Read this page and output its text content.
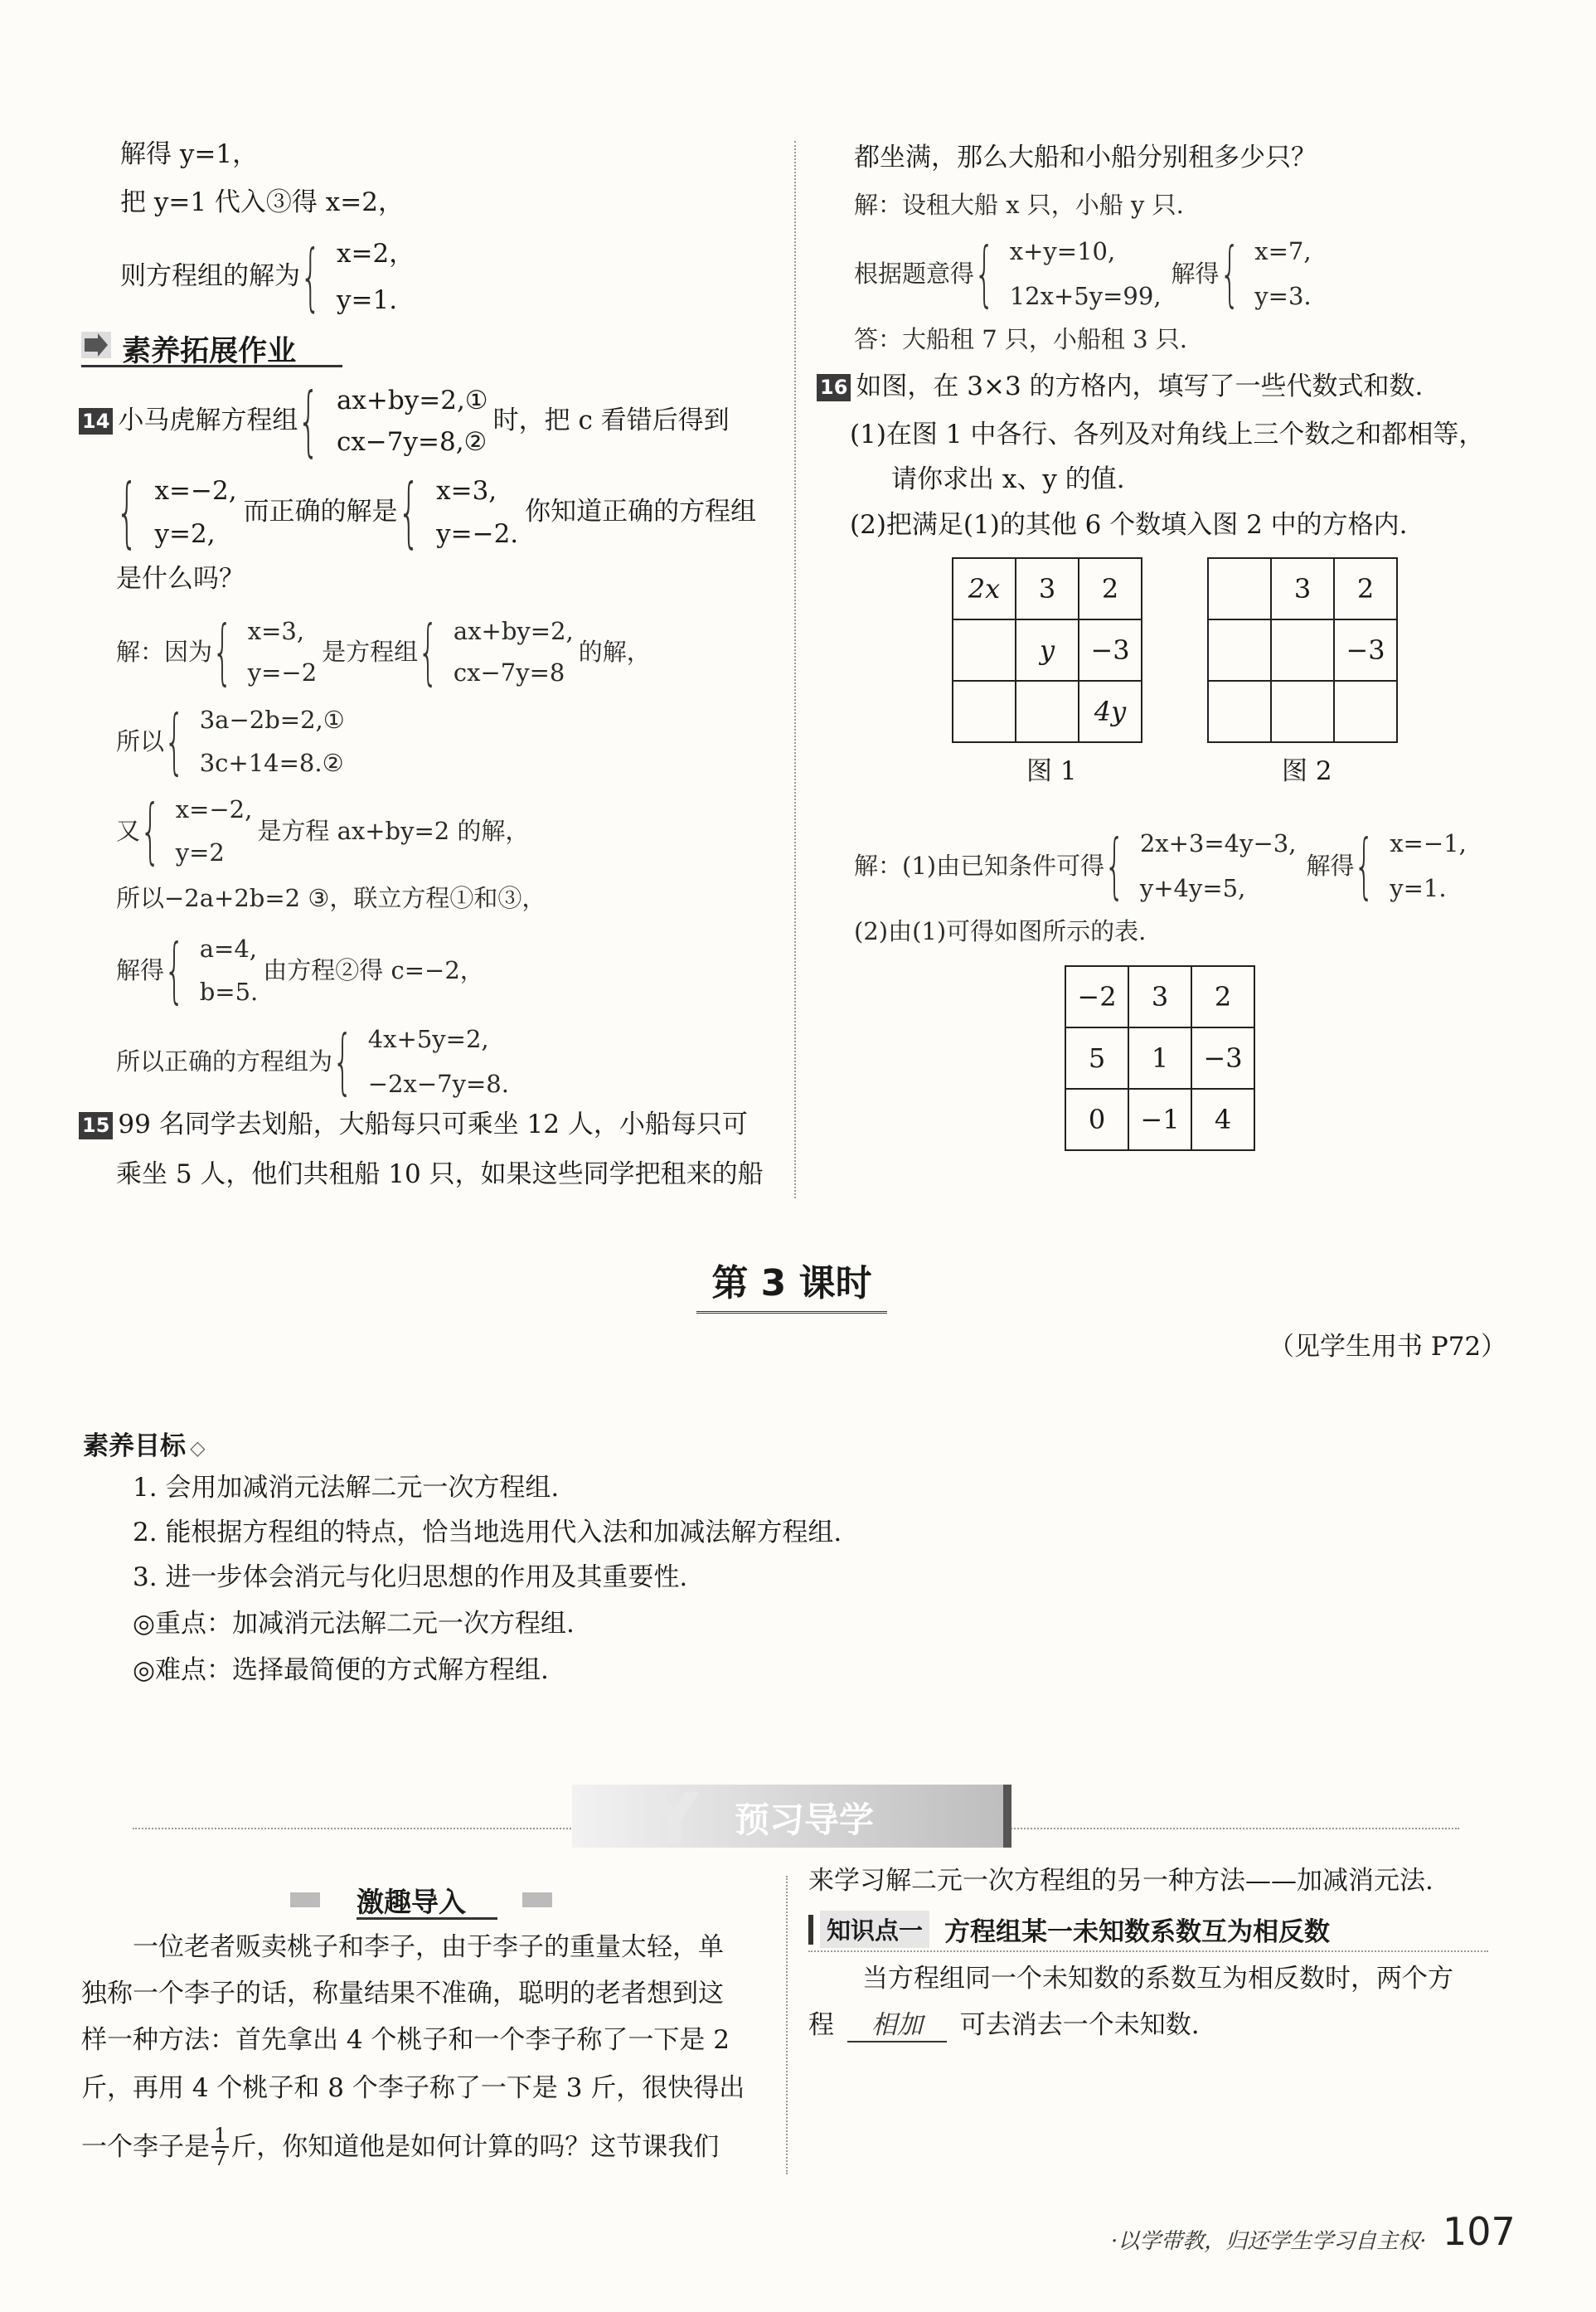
解得 y=1，
把 y=1 代入③得 x=2，
则方程组的解为 { x=2，
y=1.
素养拓展作业
14 小马虎解方程组 { ax+by=2,①
cx−7y=8,②
时，把 c 看错后得到
{ x=−2,
y=2,
而正确的解是 { x=3,
y=−2.
你知道正确的方程组
是什么吗？
解：因为 { x=3,
y=−2
是方程组 { ax+by=2,
cx−7y=8
的解，
所以 { 3a−2b=2,①
3c+14=8.②
又 { x=−2,
y=2
是方程 ax+by=2 的解，
所以−2a+2b=2 ③，联立方程①和③，
解得 { a=4,
b=5.
由方程②得 c=−2，
所以正确的方程组为 { 4x+5y=2,
−2x−7y=8.
15 99 名同学去划船，大船每只可乘坐 12 人，小船每只可
乘坐 5 人，他们共租船 10 只，如果这些同学把租来的船
都坐满，那么大船和小船分别租多少只？
解：设租大船 x 只，小船 y 只.
根据题意得 { x+y=10,
12x+5y=99,
解得 { x=7,
y=3.
答：大船租 7 只，小船租 3 只.
16 如图，在 3×3 的方格内，填写了一些代数式和数.
(1)在图 1 中各行、各列及对角线上三个数之和都相等，
请你求出 x、y 的值.
(2)把满足(1)的其他 6 个数填入图 2 中的方格内.
2x	3	2
	y	−3
		4y
图 1
	3	2
		−3

图 2
解：(1)由已知条件可得 { 2x+3=4y−3,
y+4y=5,
解得 { x=−1,
y=1.
(2)由(1)可得如图所示的表.
−2	3	2
5	1	−3
0	−1	4
第 3 课时
（见学生用书 P72）
素养目标 ◇
1. 会用加减消元法解二元一次方程组.
2. 能根据方程组的特点，恰当地选用代入法和加减法解方程组.
3. 进一步体会消元与化归思想的作用及其重要性.
◎重点：加减消元法解二元一次方程组.
◎难点：选择最简便的方式解方程组.
Y 预习导学
激趣导入
一位老者贩卖桃子和李子，由于李子的重量太轻，单
独称一个李子的话，称量结果不准确，聪明的老者想到这
样一种方法：首先拿出 4 个桃子和一个李子称了一下是 2
斤，再用 4 个桃子和 8 个李子称了一下是 3 斤，很快得出
一个李子是 $\frac{1}{7}$ 斤，你知道他是如何计算的吗？这节课我们
来学习解二元一次方程组的另一种方法——加减消元法.
知识点一 方程组某一未知数系数互为相反数
当方程组同一个未知数的系数互为相反数时，两个方
程 相加 可去消去一个未知数.
·以学带教，归还学生学习自主权· 107
